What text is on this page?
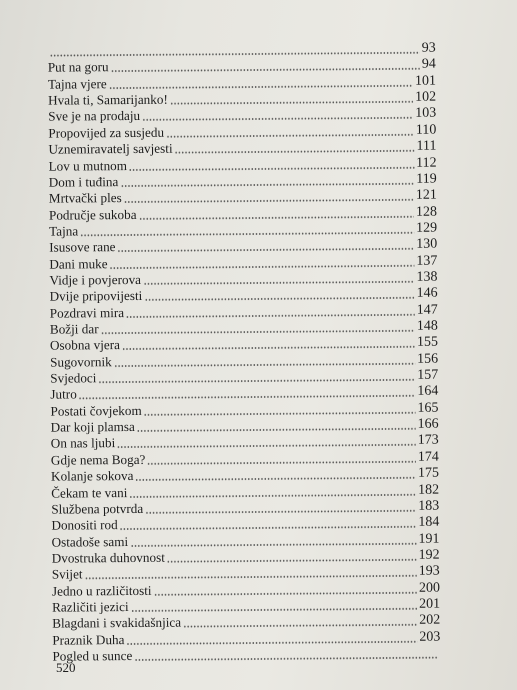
93
Put na goru	94
Tajna vjere	101
Hvala ti, Samarijanko!	102
Sve je na prodaju	103
Propovijed za susjedu	110
Uznemiravatelj savjesti	111
Lov u mutnom	112
Dom i tuđina	119
Mrtvački ples	121
Područje sukoba	128
Tajna	129
Isusove rane	130
Dani muke	137
Vidje i povjerova	138
Dvije pripovijesti	146
Pozdravi mira	147
Božji dar	148
Osobna vjera	155
Sugovornik	156
Svjedoci	157
Jutro	164
Postati čovjekom	165
Dar koji plamsa	166
On nas ljubi	173
Gdje nema Boga?	174
Kolanje sokova	175
Čekam te vani	182
Službena potvrda	183
Donositi rod	184
Ostadoše sami	191
Dvostruka duhovnost	192
Svijet	193
Jedno u različitosti	200
Različiti jezici	201
Blagdani i svakidašnjica	202
Praznik Duha	203
Pogled u sunce
520
